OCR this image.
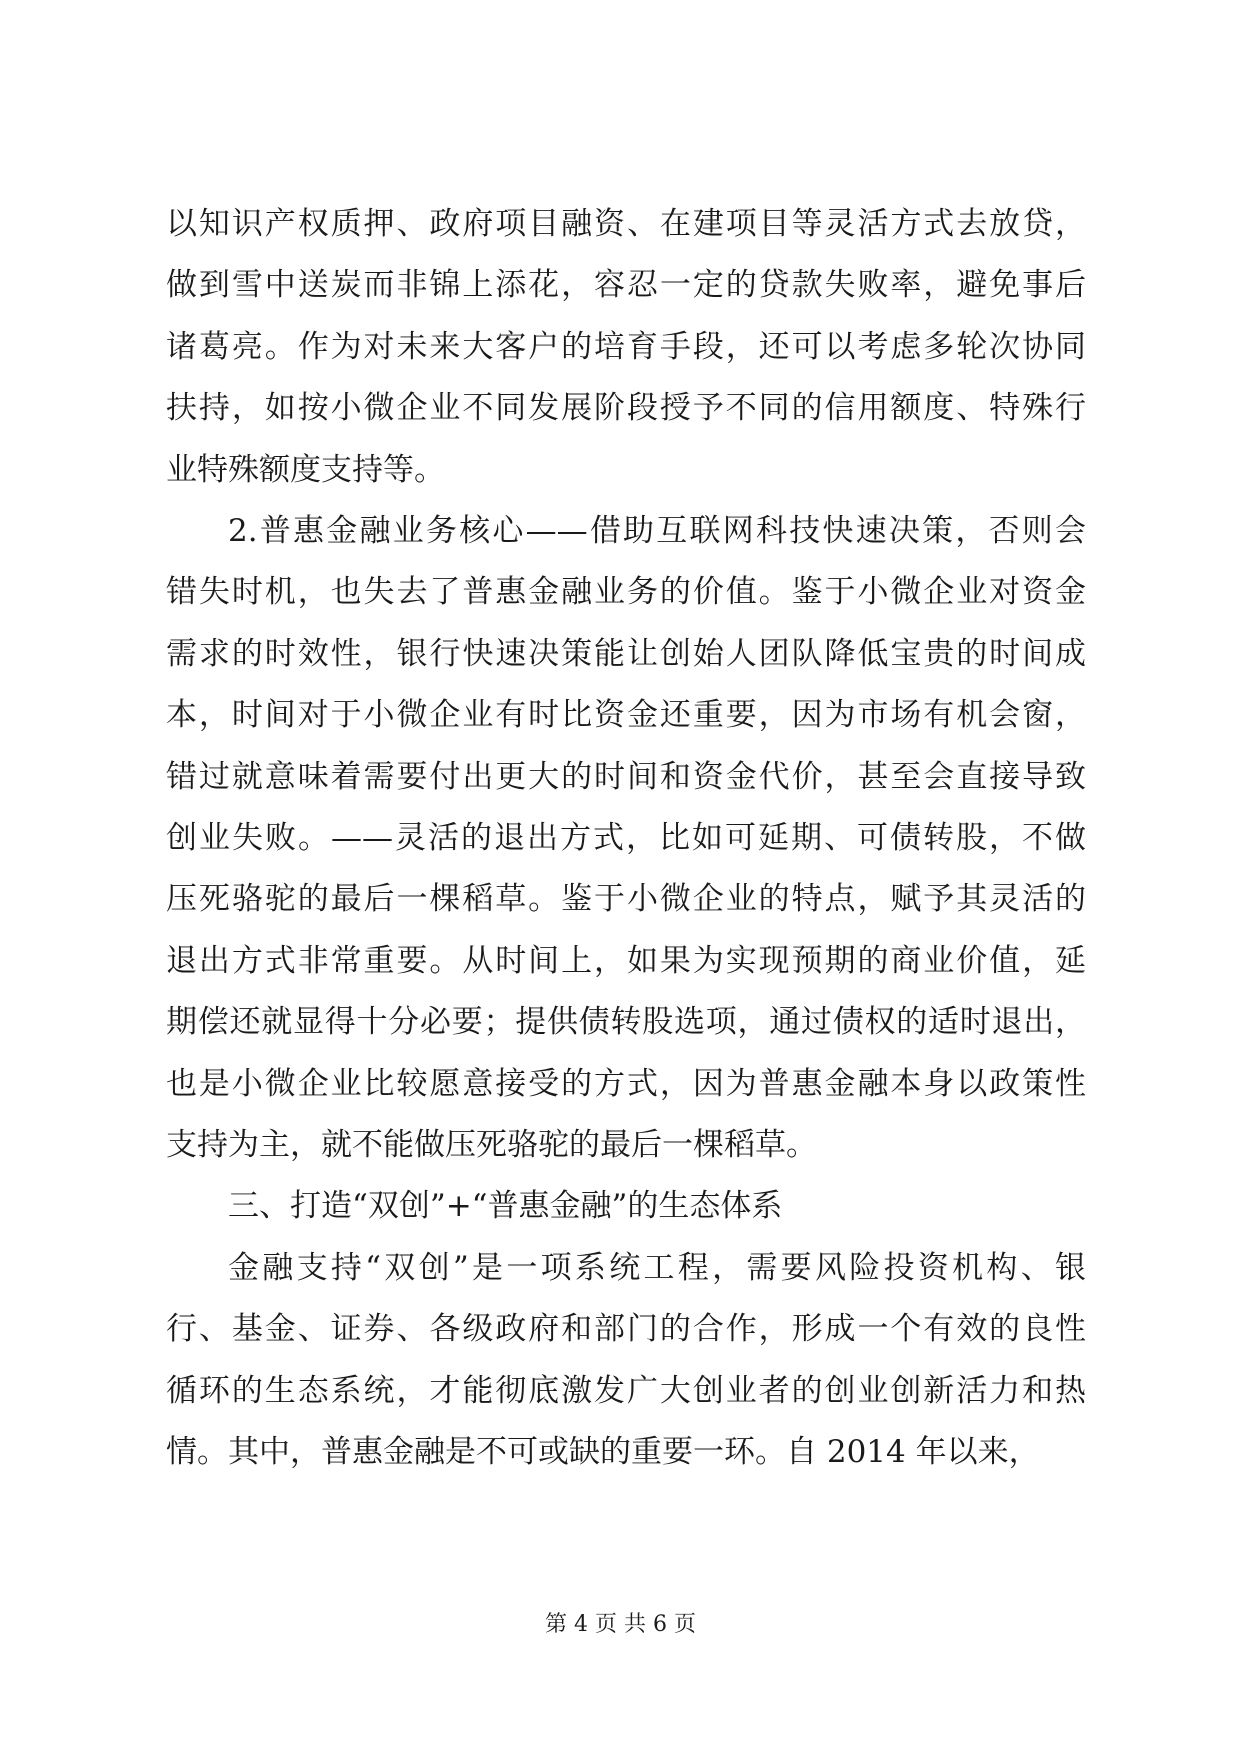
以知识产权质押、政府项目融资、在建项目等灵活方式去放贷，
做到雪中送炭而非锦上添花，容忍一定的贷款失败率，避免事后
诸葛亮。作为对未来大客户的培育手段，还可以考虑多轮次协同
扶持，如按小微企业不同发展阶段授予不同的信用额度、特殊行
业特殊额度支持等。
2.普惠金融业务核心——借助互联网科技快速决策，否则会
错失时机，也失去了普惠金融业务的价值。鉴于小微企业对资金
需求的时效性，银行快速决策能让创始人团队降低宝贵的时间成
本，时间对于小微企业有时比资金还重要，因为市场有机会窗，
错过就意味着需要付出更大的时间和资金代价，甚至会直接导致
创业失败。——灵活的退出方式，比如可延期、可债转股，不做
压死骆驼的最后一棵稻草。鉴于小微企业的特点，赋予其灵活的
退出方式非常重要。从时间上，如果为实现预期的商业价值，延
期偿还就显得十分必要；提供债转股选项，通过债权的适时退出，
也是小微企业比较愿意接受的方式，因为普惠金融本身以政策性
支持为主，就不能做压死骆驼的最后一棵稻草。
三、打造“双创”+“普惠金融”的生态体系
金融支持“双创”是一项系统工程，需要风险投资机构、银
行、基金、证券、各级政府和部门的合作，形成一个有效的良性
循环的生态系统，才能彻底激发广大创业者的创业创新活力和热
情。其中，普惠金融是不可或缺的重要一环。自 2014 年以来，
第 4 页 共 6 页
